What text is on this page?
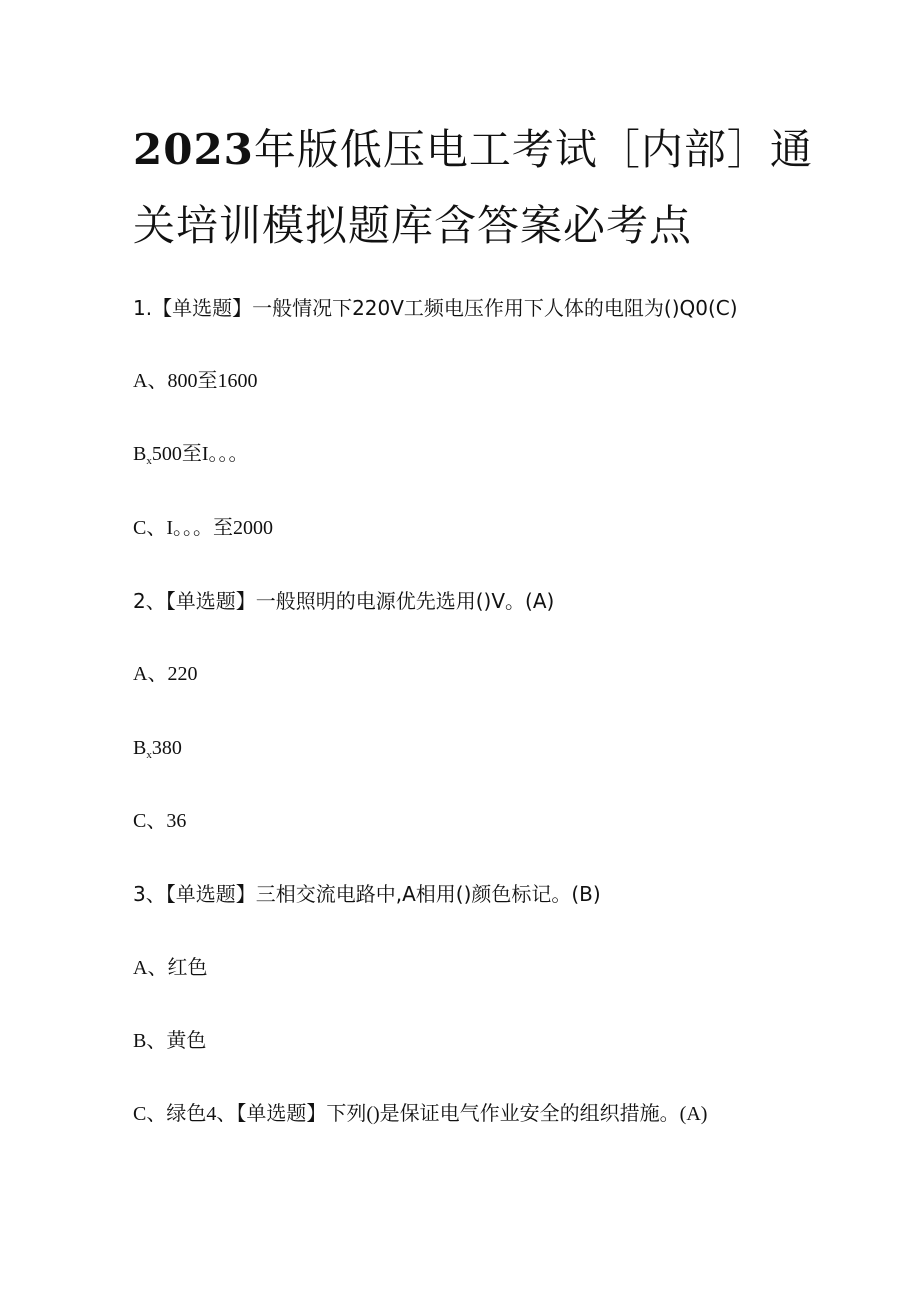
2023年版低压电工考试［内部］通
关培训模拟题库含答案必考点
1.【单选题】一般情况下220V工频电压作用下人体的电阻为()Q0(C)
A、800至1600
$B_x500$至I。。。
C、I。。。至2000
2、【单选题】一般照明的电源优先选用()V。(A)
A、220
$B_x380$
C、36
3、【单选题】三相交流电路中,A相用()颜色标记。(B)
A、红色
B、黄色
C、绿色4、【单选题】下列()是保证电气作业安全的组织措施。(A)
